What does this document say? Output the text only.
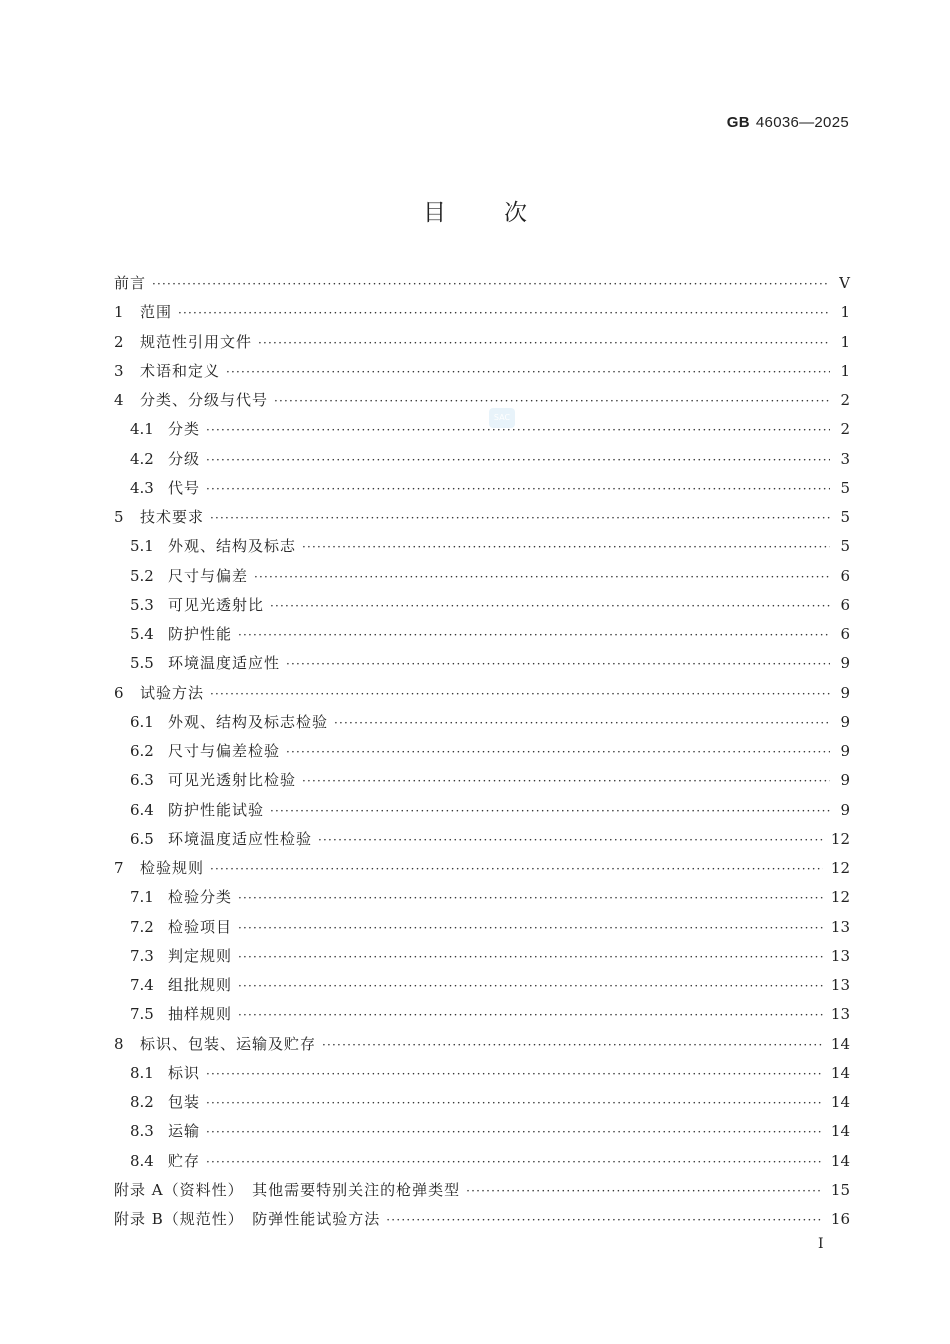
GB 46036—2025
目	次
SAC
前言 ·····	V
1	范围 ·····	1
2	规范性引用文件 ·····	1
3	术语和定义 ·····	1
4	分类、分级与代号 ·····	2
4.1 分类 ·····	2
4.2 分级 ·····	3
4.3 代号 ·····	5
5	技术要求 ·····	5
5.1 外观、结构及标志 ·····	5
5.2 尺寸与偏差 ·····	6
5.3 可见光透射比 ·····	6
5.4 防护性能 ·····	6
5.5 环境温度适应性 ·····	9
6	试验方法 ·····	9
6.1 外观、结构及标志检验 ·····	9
6.2 尺寸与偏差检验 ·····	9
6.3 可见光透射比检验 ·····	9
6.4 防护性能试验 ·····	9
6.5 环境温度适应性检验 ·····	12
7	检验规则 ·····	12
7.1 检验分类 ·····	12
7.2 检验项目 ·····	13
7.3 判定规则 ·····	13
7.4 组批规则 ·····	13
7.5 抽样规则 ·····	13
8	标识、包装、运输及贮存 ·····	14
8.1 标识 ·····	14
8.2 包装 ·····	14
8.3 运输 ·····	14
8.4 贮存 ·····	14
附录 A（资料性）　其他需要特别关注的枪弹类型 ·····	15
附录 B（规范性）　防弹性能试验方法 ·····	16
I
